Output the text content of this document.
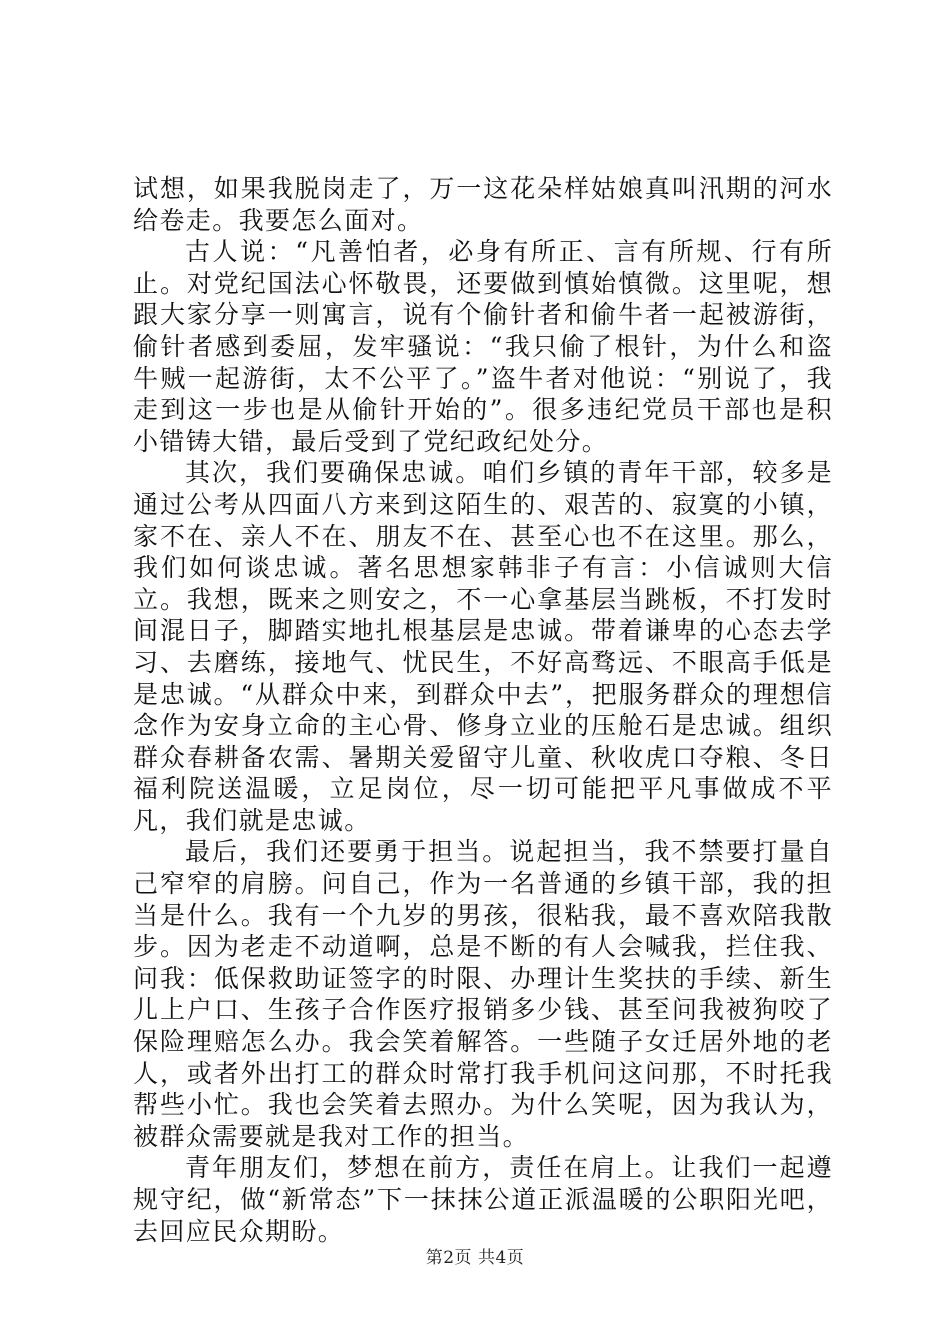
试想，如果我脱岗走了，万一这花朵样姑娘真叫汛期的河水给卷走。我要怎么面对。

古人说：“凡善怕者，必身有所正、言有所规、行有所止。对党纪国法心怀敬畏，还要做到慎始慎微。这里呢，想跟大家分享一则寓言，说有个偷针者和偷牛者一起被游街，偷针者感到委屈，发牢骚说：“我只偷了根针，为什么和盗牛贼一起游街，太不公平了。”盗牛者对他说：“别说了，我走到这一步也是从偷针开始的”。很多违纪党员干部也是积小错铸大错，最后受到了党纪政纪处分。

其次，我们要确保忠诚。咱们乡镇的青年干部，较多是通过公考从四面八方来到这陌生的、艰苦的、寂寞的小镇，家不在、亲人不在、朋友不在、甚至心也不在这里。那么，我们如何谈忠诚。著名思想家韩非子有言：小信诚则大信立。我想，既来之则安之，不一心拿基层当跳板，不打发时间混日子，脚踏实地扎根基层是忠诚。带着谦卑的心态去学习、去磨练，接地气、忧民生，不好高骛远、不眼高手低是是忠诚。“从群众中来，到群众中去”，把服务群众的理想信念作为安身立命的主心骨、修身立业的压舱石是忠诚。组织群众春耕备农需、暑期关爱留守儿童、秋收虎口夺粮、冬日福利院送温暖，立足岗位，尽一切可能把平凡事做成不平凡，我们就是忠诚。

最后，我们还要勇于担当。说起担当，我不禁要打量自己窄窄的肩膀。问自己，作为一名普通的乡镇干部，我的担当是什么。我有一个九岁的男孩，很粘我，最不喜欢陪我散步。因为老走不动道啊，总是不断的有人会喊我，拦住我、问我：低保救助证签字的时限、办理计生奖扶的手续、新生儿上户口、生孩子合作医疗报销多少钱、甚至问我被狗咬了保险理赔怎么办。我会笑着解答。一些随子女迁居外地的老人，或者外出打工的群众时常打我手机问这问那，不时托我帮些小忙。我也会笑着去照办。为什么笑呢，因为我认为，被群众需要就是我对工作的担当。

青年朋友们，梦想在前方，责任在肩上。让我们一起遵规守纪，做“新常态”下一抹抹公道正派温暖的公职阳光吧，去回应民众期盼。

第2页 共4页
